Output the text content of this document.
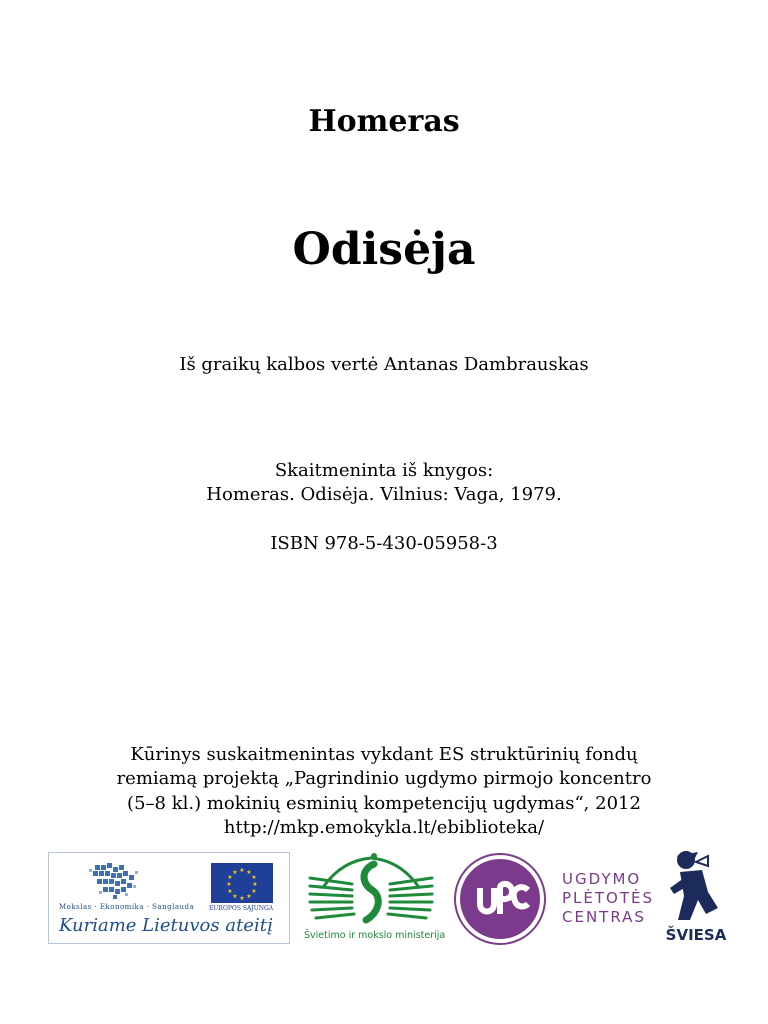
Homeras
Odisėja
Iš graikų kalbos vertė Antanas Dambrauskas
Skaitmeninta iš knygos:
Homeras. Odisėja. Vilnius: Vaga, 1979.
ISBN 978-5-430-05958-3
Kūrinys suskaitmenintas vykdant ES struktūrinių fondų
remiamą projektą „Pagrindinio ugdymo pirmojo koncentro
(5–8 kl.) mokinių esminių kompetencijų ugdymas“, 2012
http://mkp.emokykla.lt/ebiblioteka/
★ ★
★
★
★
★
★
★
★
★
★
★
EUROPOS SĄJUNGA
Mokslas · Ekonomika · Sanglauda
Kuriame Lietuvos ateitį	Švietimo ir mokslo ministerija
UGDYMO
PLĖTOTĖS
CENTRAS
ŠVIESA
